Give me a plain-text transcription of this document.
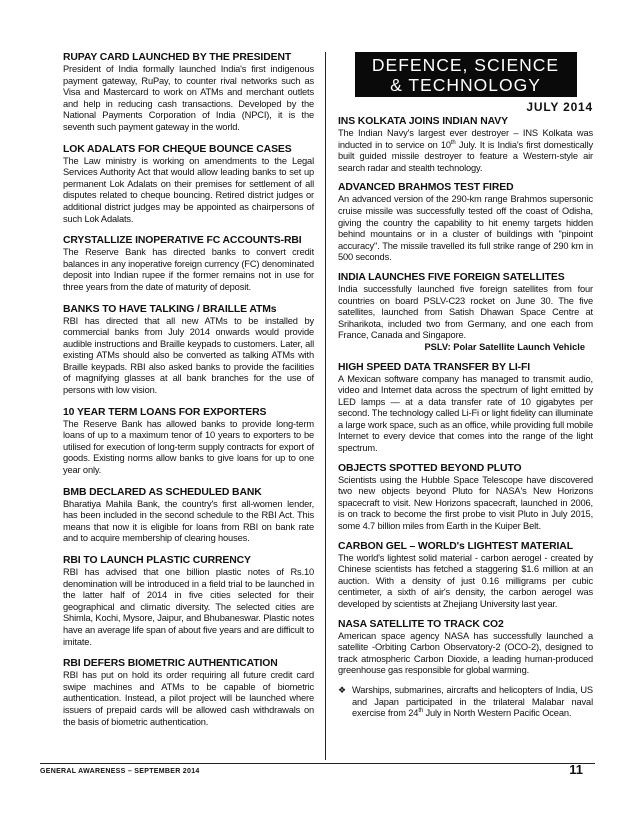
RUPAY CARD LAUNCHED BY THE PRESIDENT

President of India formally launched India's first indigenous payment gateway, RuPay, to counter rival networks such as Visa and Mastercard to work on ATMs and merchant outlets and help in reducing cash transactions. Developed by the National Payments Corporation of India (NPCI), it is the seventh such payment gateway in the world.

LOK ADALATS FOR CHEQUE BOUNCE CASES

The Law ministry is working on amendments to the Legal Services Authority Act that would allow leading banks to set up permanent Lok Adalats on their premises for settlement of all disputes related to cheque bouncing. Retired district judges or additional district judges may be appointed as chairpersons of such Lok Adalats.

CRYSTALLIZE INOPERATIVE FC ACCOUNTS-RBI

The Reserve Bank has directed banks to convert credit balances in any inoperative foreign currency (FC) denominated deposit into Indian rupee if the former remains not in use for three years from the date of maturity of deposit.

BANKS TO HAVE TALKING / BRAILLE ATMs

RBI has directed that all new ATMs to be installed by commercial banks from July 2014 onwards would provide audible instructions and Braille keypads to customers. Later, all existing ATMs should also be converted as talking ATMs with Braille keypads. RBI also asked banks to provide the facilities of magnifying glasses at all bank branches for the use of persons with low vision.

10 YEAR TERM LOANS FOR EXPORTERS

The Reserve Bank has allowed banks to provide long-term loans of up to a maximum tenor of 10 years to exporters to be utilised for execution of long-term supply contracts for export of goods. Existing norms allow banks to give loans for up to one year only.

BMB DECLARED AS SCHEDULED BANK

Bharatiya Mahila Bank, the country's first all-women lender, has been included in the second schedule to the RBI Act. This means that now it is eligible for loans from RBI on bank rate and to acquire membership of clearing houses.

RBI TO LAUNCH PLASTIC CURRENCY

RBI has advised that one billion plastic notes of Rs.10 denomination will be introduced in a field trial to be launched in the latter half of 2014 in five cities selected for their geographical and climatic diversity. The selected cities are Shimla, Kochi, Mysore, Jaipur, and Bhubaneswar. Plastic notes have an average life span of about five years and are difficult to imitate.

RBI DEFERS BIOMETRIC AUTHENTICATION

RBI has put on hold its order requiring all future credit card swipe machines and ATMs to be capable of biometric authentication. Instead, a pilot project will be launched where issuers of prepaid cards will be allowed cash withdrawals on the basis of biometric authentication.

DEFENCE, SCIENCE
& TECHNOLOGY
JULY 2014
INS KOLKATA JOINS INDIAN NAVY

The Indian Navy's largest ever destroyer – INS Kolkata was inducted in to service on 10th July. It is India's first domestically built guided missile destroyer to feature a Western-style air search radar and stealth technology.

ADVANCED BRAHMOS TEST FIRED

An advanced version of the 290-km range Brahmos supersonic cruise missile was successfully tested off the coast of Odisha, giving the country the capability to hit enemy targets hidden behind mountains or in a cluster of buildings with "pinpoint accuracy". The missile travelled its full strike range of 290 km in 500 seconds.

INDIA LAUNCHES FIVE FOREIGN SATELLITES

India successfully launched five foreign satellites from four countries on board PSLV-C23 rocket on June 30. The five satellites, launched from Satish Dhawan Space Centre at Sriharikota, included two from Germany, and one each from France, Canada and Singapore.

PSLV: Polar Satellite Launch Vehicle
HIGH SPEED DATA TRANSFER BY LI-FI

A Mexican software company has managed to transmit audio, video and Internet data across the spectrum of light emitted by LED lamps — at a data transfer rate of 10 gigabytes per second. The technology called Li-Fi or light fidelity can illuminate a large work space, such as an office, while providing full mobile Internet to every device that comes into the range of the light spectrum.

OBJECTS SPOTTED BEYOND PLUTO

Scientists using the Hubble Space Telescope have discovered two new objects beyond Pluto for NASA's New Horizons spacecraft to visit. New Horizons spacecraft, launched in 2006, is on track to become the first probe to visit Pluto in July 2015, some 4.7 billion miles from Earth in the Kuiper Belt.

CARBON GEL – WORLD's LIGHTEST MATERIAL

The world's lightest solid material - carbon aerogel - created by Chinese scientists has fetched a staggering $1.6 million at an auction. With a density of just 0.16 milligrams per cubic centimeter, a sixth of air's density, the carbon aerogel was developed by scientists at Zhejiang University last year.

NASA SATELLITE TO TRACK CO2

American space agency NASA has successfully launched a satellite -Orbiting Carbon Observatory-2 (OCO-2), designed to track atmospheric Carbon Dioxide, a leading human-produced greenhouse gas responsible for global warming.

❖ Warships, submarines, aircrafts and helicopters of India, US and Japan participated in the trilateral Malabar naval exercise from 24th July in North Western Pacific Ocean.
GENERAL AWARENESS – SEPTEMBER 2014	11
